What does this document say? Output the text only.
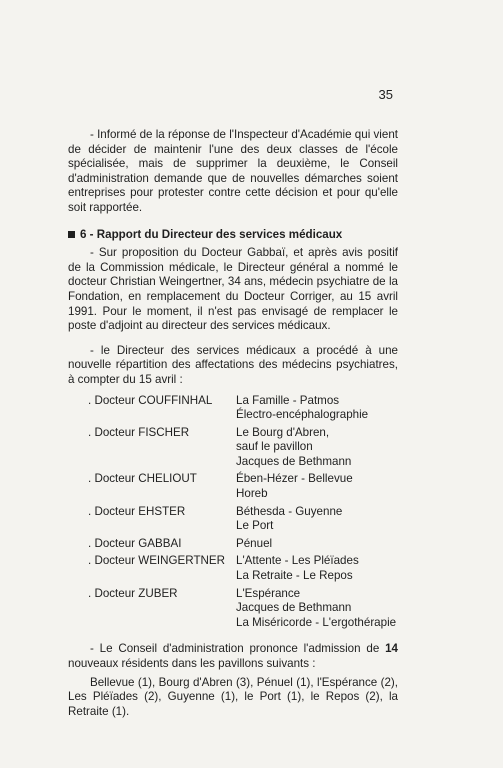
35

- Informé de la réponse de l'Inspecteur d'Académie qui vient de décider de maintenir l'une des deux classes de l'école spécialisée, mais de supprimer la deuxième, le Conseil d'administration demande que de nouvelles démarches soient entreprises pour protester contre cette décision et pour qu'elle soit rapportée.

6 - Rapport du Directeur des services médicaux

- Sur proposition du Docteur Gabbaï, et après avis positif de la Commission médicale, le Directeur général a nommé le docteur Christian Weingertner, 34 ans, médecin psychiatre de la Fondation, en remplacement du Docteur Corriger, au 15 avril 1991. Pour le moment, il n'est pas envisagé de remplacer le poste d'adjoint au directeur des services médicaux.

- le Directeur des services médicaux a procédé à une nouvelle répartition des affectations des médecins psychiatres, à compter du 15 avril :

. Docteur COUFFINHAL	La Famille - Patmos
Électro-encéphalographie
. Docteur FISCHER	Le Bourg d'Abren,
sauf le pavillon
Jacques de Bethmann
. Docteur CHELIOUT	Ében-Hézer - Bellevue
Horeb
. Docteur EHSTER	Béthesda - Guyenne
Le Port
. Docteur GABBAI	Pénuel
. Docteur WEINGERTNER L'Attente - Les Pléïades
La Retraite - Le Repos
. Docteur ZUBER	L'Espérance
Jacques de Bethmann
La Miséricorde - L'ergothérapie

- Le Conseil d'administration prononce l'admission de 14 nouveaux résidents dans les pavillons suivants :

Bellevue (1), Bourg d'Abren (3), Pénuel (1), l'Espérance (2), Les Pléïades (2), Guyenne (1), le Port (1), le Repos (2), la Retraite (1).
